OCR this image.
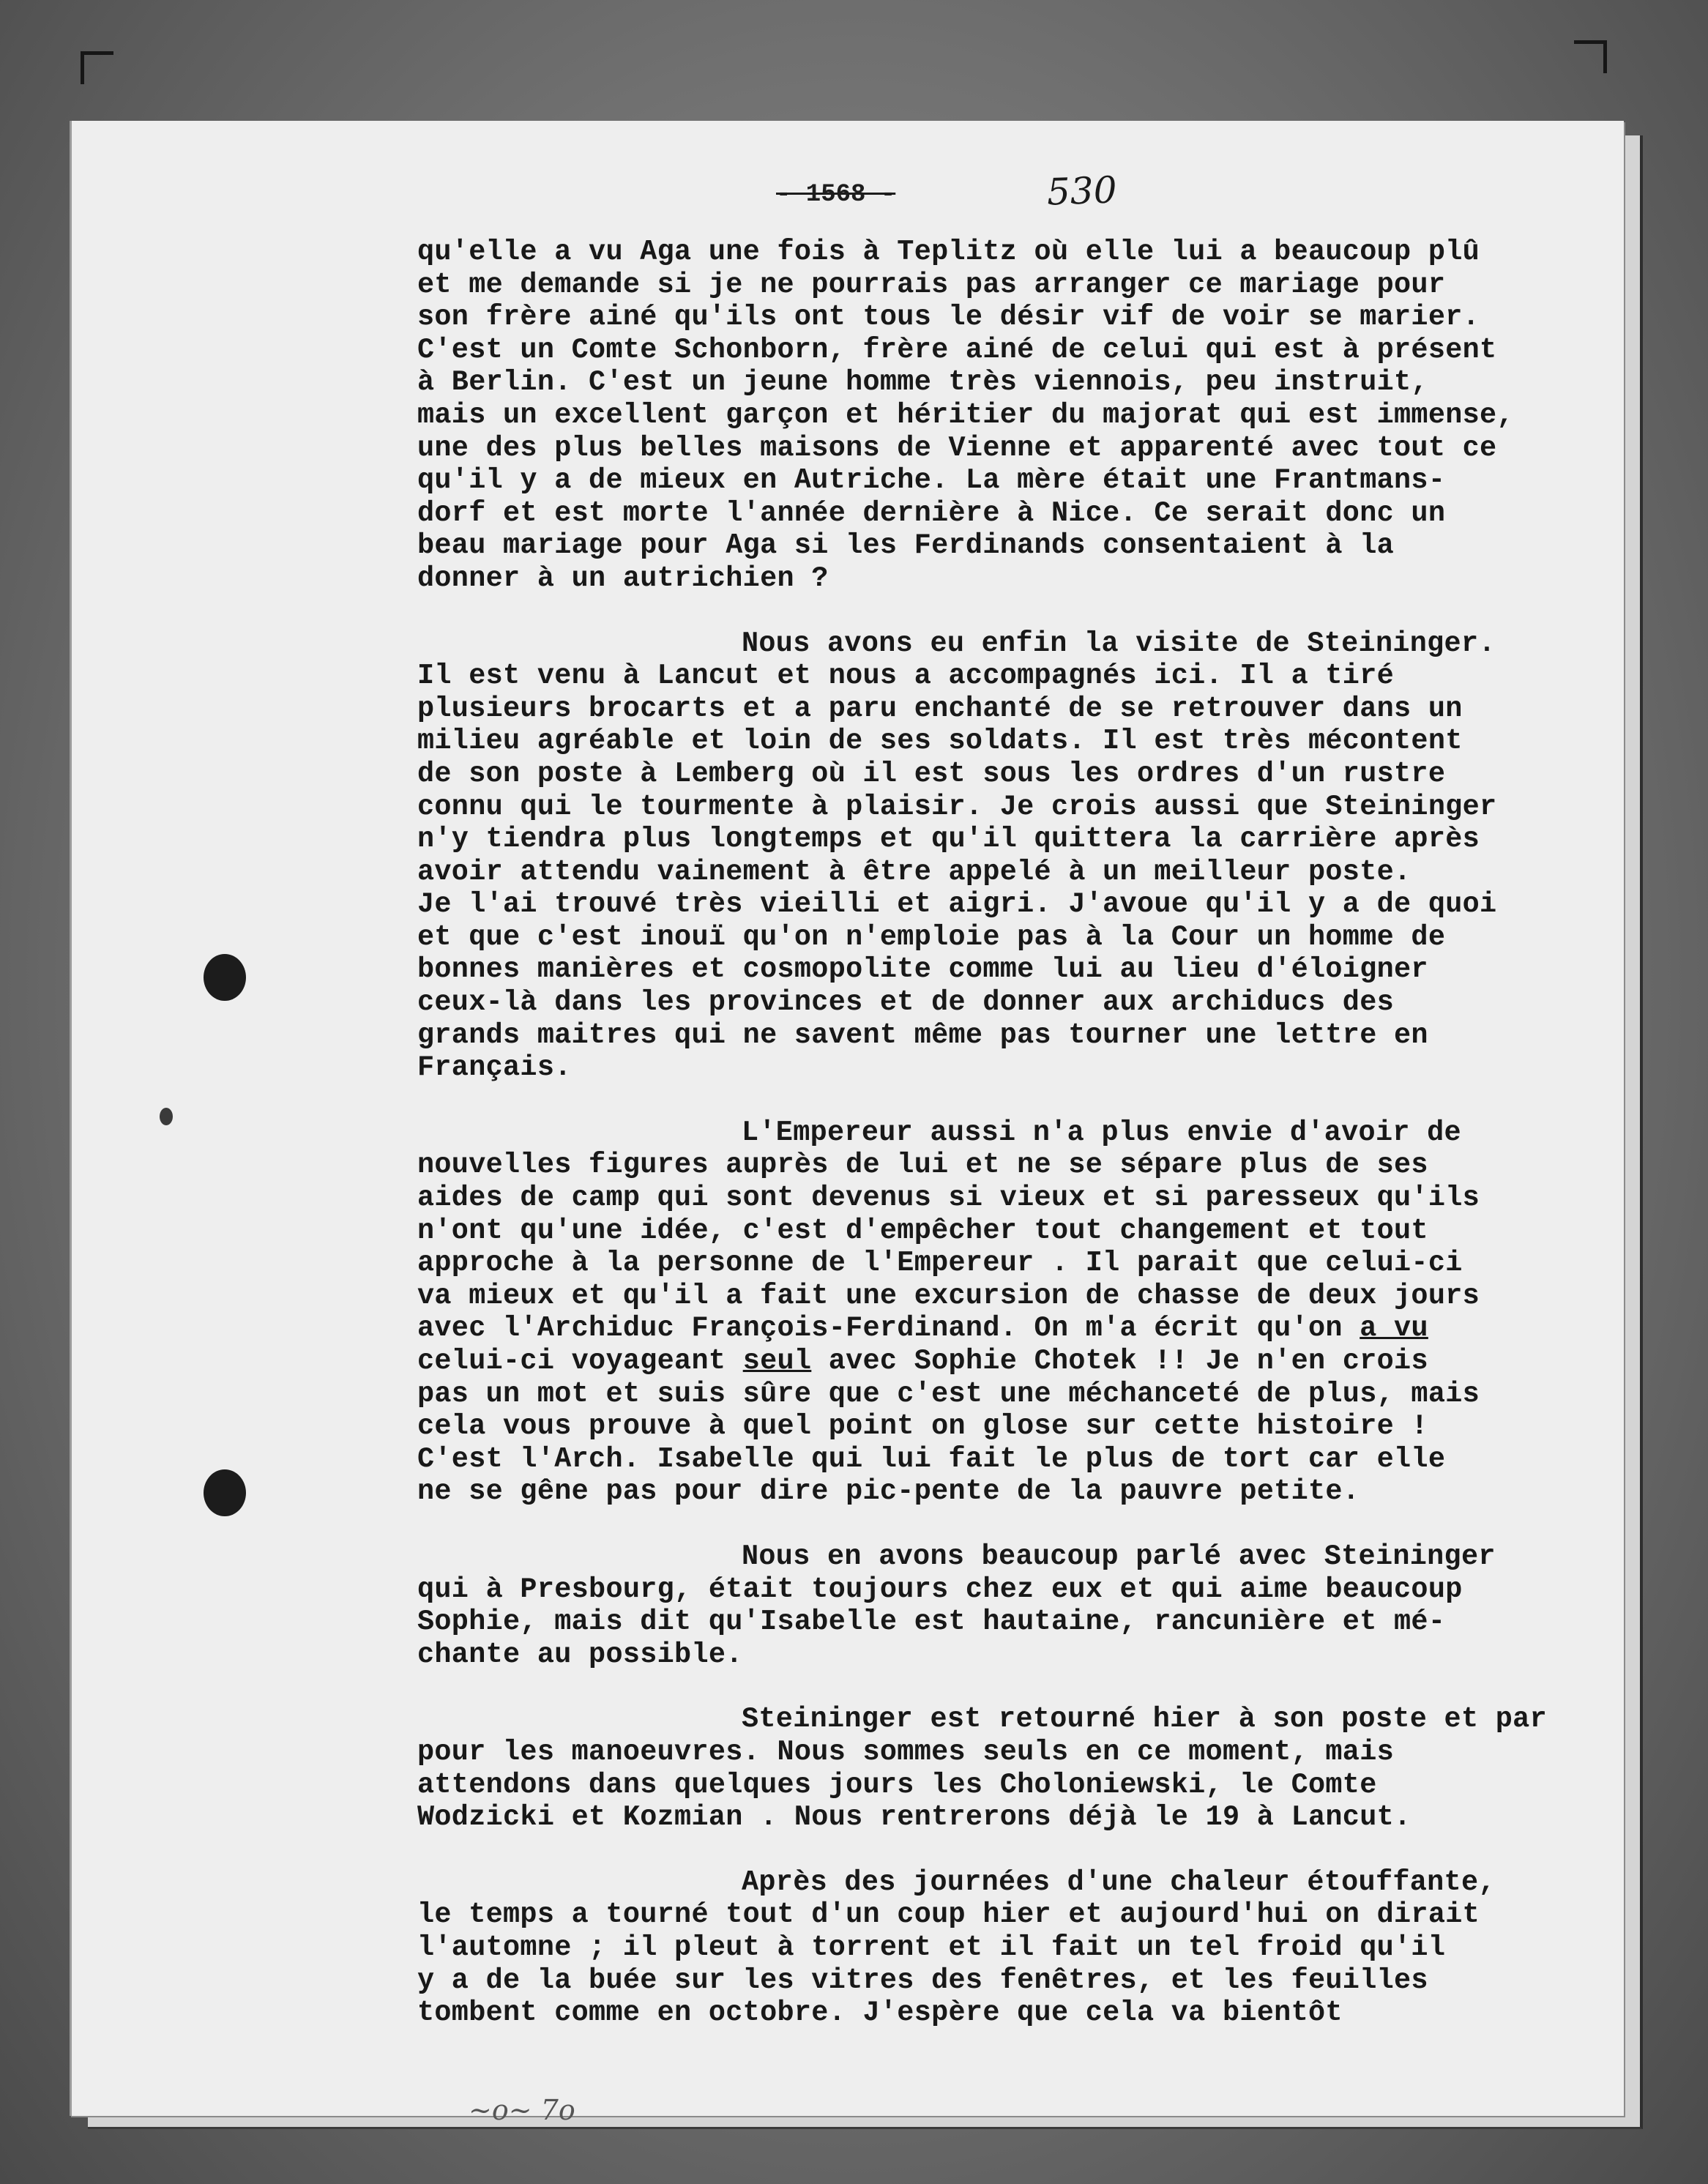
- 1568 -	530
qu'elle a vu Aga une fois à Teplitz où elle lui a beaucoup plû
et me demande si je ne pourrais pas arranger ce mariage pour
son frère ainé qu'ils ont tous le désir vif de voir se marier.
C'est un Comte Schonborn, frère ainé de celui qui est à présent
à Berlin. C'est un jeune homme très viennois, peu instruit,
mais un excellent garçon et héritier du majorat qui est immense,
une des plus belles maisons de Vienne et apparenté avec tout ce
qu'il y a de mieux en Autriche. La mère était une Frantmans-
dorf et est morte l'année dernière à Nice. Ce serait donc un
beau mariage pour Aga si les Ferdinands consentaient à la
donner à un autrichien ?
Nous avons eu enfin la visite de Steininger.
Il est venu à Lancut et nous a accompagnés ici. Il a tiré
plusieurs brocarts et a paru enchanté de se retrouver dans un
milieu agréable et loin de ses soldats. Il est très mécontent
de son poste à Lemberg où il est sous les ordres d'un rustre
connu qui le tourmente à plaisir. Je crois aussi que Steininger
n'y tiendra plus longtemps et qu'il quittera la carrière après
avoir attendu vainement à être appelé à un meilleur poste.
Je l'ai trouvé très vieilli et aigri. J'avoue qu'il y a de quoi
et que c'est inouï qu'on n'emploie pas à la Cour un homme de
bonnes manières et cosmopolite comme lui au lieu d'éloigner
ceux-là dans les provinces et de donner aux archiducs des
grands maitres qui ne savent même pas tourner une lettre en
Français.
L'Empereur aussi n'a plus envie d'avoir de
nouvelles figures auprès de lui et ne se sépare plus de ses
aides de camp qui sont devenus si vieux et si paresseux qu'ils
n'ont qu'une idée, c'est d'empêcher tout changement et tout
approche à la personne de l'Empereur . Il parait que celui-ci
va mieux et qu'il a fait une excursion de chasse de deux jours
avec l'Archiduc François-Ferdinand. On m'a écrit qu'on a vu
celui-ci voyageant seul avec Sophie Chotek !! Je n'en crois
pas un mot et suis sûre que c'est une méchanceté de plus, mais
cela vous prouve à quel point on glose sur cette histoire !
C'est l'Arch. Isabelle qui lui fait le plus de tort car elle
ne se gêne pas pour dire pic-pente de la pauvre petite.
Nous en avons beaucoup parlé avec Steininger
qui à Presbourg, était toujours chez eux et qui aime beaucoup
Sophie, mais dit qu'Isabelle est hautaine, rancunière et mé-
chante au possible.
Steininger est retourné hier à son poste et par
pour les manoeuvres. Nous sommes seuls en ce moment, mais
attendons dans quelques jours les Choloniewski, le Comte
Wodzicki et Kozmian . Nous rentrerons déjà le 19 à Lancut.
Après des journées d'une chaleur étouffante,
le temps a tourné tout d'un coup hier et aujourd'hui on dirait
l'automne ; il pleut à torrent et il fait un tel froid qu'il
y a de la buée sur les vitres des fenêtres, et les feuilles
tombent comme en octobre. J'espère que cela va bientôt
~o~ 7o
